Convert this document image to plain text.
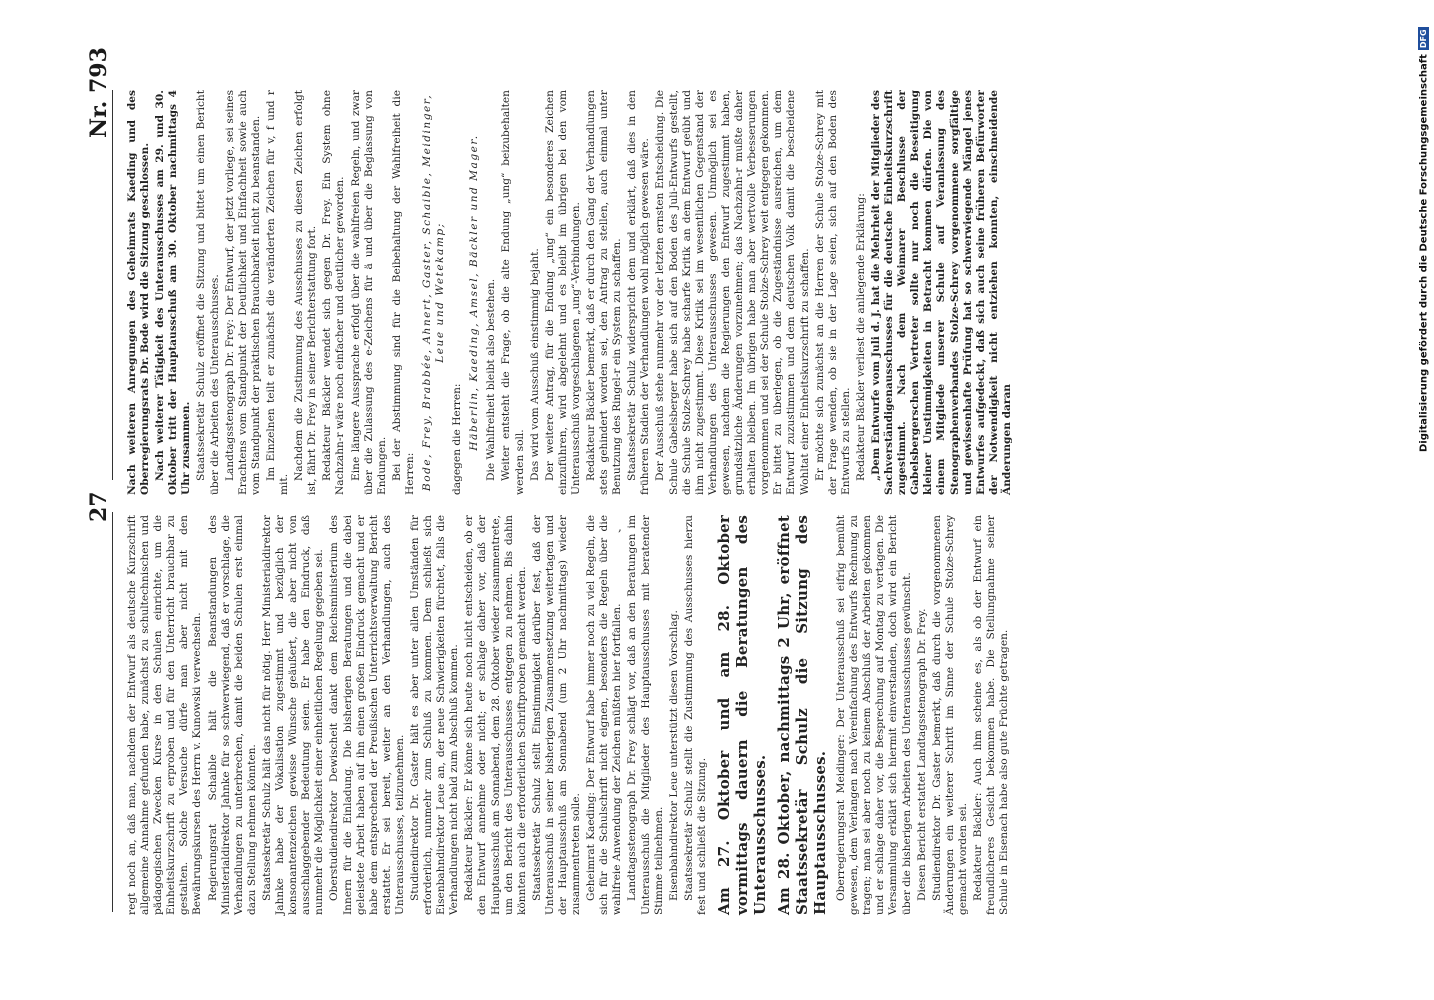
27
Nr. 793

regt noch an, daß man, nachdem der Entwurf als deutsche Kurzschrift allgemeine Annahme gefunden habe, zunächst zu schultechnischen und pädagogischen Zwecken Kurse in den Schulen einrichte, um die Einheitskurzschrift zu erproben und für den Unterricht brauchbar zu gestalten. Solche Versuche dürfe man aber nicht mit den Bewährungskursen des Herrn v. Kunowski verwechseln. Regierungsrat Schaible hält die Beanstandungen des Ministerialdirektor Jahnke für so schwerwiegend, daß er vorschlage, die Verhandlungen zu unterbrechen, damit die beiden Schulen erst einmal dazu Stellung nehmen könnten. Staatssekretär Schulz hält das nicht für nötig. Herr Ministerialdirektor Jahnke habe der Vokalisation zugestimmt und bezüglich der konsonantenzeichen gewisse Wünsche geäußert, die aber nicht von ausschlaggebender Bedeutung seien. Er habe den Eindruck, daß nunmehr die Möglichkeit einer einheitlichen Regelung gegeben sei. Oberstudiendirektor Dewischeit dankt dem Reichsministerium des Innern für die Einladung. Die bisherigen Beratungen und die dabei geleistete Arbeit haben auf ihn einen großen Eindruck gemacht und er habe dem entsprechend der Preußischen Unterrichtsverwaltung Bericht erstattet. Er sei bereit, weiter an den Verhandlungen, auch des Unterausschusses, teilzunehmen. Studiendirektor Dr. Gaster hält es aber unter allen Umständen für erforderlich, nunmehr zum Schluß zu kommen. Dem schließt sich Eisenbahndirektor Leue an, der neue Schwierigkeiten fürchtet, falls die Verhandlungen nicht bald zum Abschluß kommen. Redakteur Bäckler: Er könne sich heute noch nicht entscheiden, ob er den Entwurf annehme oder nicht; er schlage daher vor, daß der Hauptausschuß am Sonnabend, dem 28. Oktober wieder zusammentrete, um den Bericht des Unterausschusses entgegen zu nehmen. Bis dahin könnten auch die erforderlichen Schriftproben gemacht werden. Staatssekretär Schulz stellt Einstimmigkeit darüber fest, daß der Unterausschuß in seiner bisherigen Zusammensetzung weitertagen und der Hauptausschuß am Sonnabend (um 2 Uhr nachmittags) wieder zusammentreten solle. Geheimrat Kaeding: Der Entwurf habe immer noch zu viel Regeln, die sich für die Schulschrift nicht eignen, besonders die Regeln über die wahlfreie Anwendung der Zeichen müßten hier fortfallen. Landtagsstenograph Dr. Frey schlägt vor, daß an den Beratungen im Unterausschuß die Mitglieder des Hauptausschusses mit beratender Stimme teilnehmen. Eisenbahndirektor Leue unterstützt diesen Vorschlag. Staatssekretär Schulz stellt die Zustimmung des Ausschusses hierzu fest und schließt die Sitzung. Am 27. Oktober und am 28. Oktober vormittags dauern die Beratungen des Unterausschusses. Am 28. Oktober, nachmittags 2 Uhr, eröffnet Staatssekretär Schulz die Sitzung des Hauptausschusses. Oberregierungsrat Meidinger: Der Unterausschuß sei eifrig bemüht gewesen, dem Verlangen nach Vereinfachung des Entwurfs Rechnung zu tragen; man sei aber noch zu keinem Abschluß der Arbeiten gekommen und er schlage daher vor, die Besprechung auf Montag zu vertagen. Die Versammlung erklärt sich hiermit einverstanden, doch wird ein Bericht über die bisherigen Arbeiten des Unterausschusses gewünscht. Diesen Bericht erstattet Landtagsstenograph Dr. Frey. Studiendirektor Dr. Gaster bemerkt, daß durch die vorgenommenen Änderungen ein weiterer Schritt im Sinne der Schule Stolze-Schrey gemacht worden sei. Redakteur Bäckler: Auch ihm scheine es, als ob der Entwurf ein freundlicheres Gesicht bekommen habe. Die Stellungnahme seiner Schule in Eisenach habe also gute Früchte getragen.

,

Nach weiteren Anregungen des Geheimrats Kaeding und des Oberregierungsrats Dr. Bode wird die Sitzung geschlossen. Nach weiterer Tätigkeit des Unterausschusses am 29. und 30. Oktober tritt der Hauptausschuß am 30. Oktober nachmittags 4 Uhr zusammen. Staatssekretär Schulz eröffnet die Sitzung und bittet um einen Bericht über die Arbeiten des Unterausschusses. Landtagsstenograph Dr. Frey: Der Entwurf, der jetzt vorliege, sei seines Erachtens vom Standpunkt der Deutlichkeit und Einfachheit sowie auch vom Standpunkt der praktischen Brauchbarkeit nicht zu beanstanden. Im Einzelnen teilt er zunächst die veränderten Zeichen für v, f und r mit.

Nachdem die Zustimmung des Ausschusses zu diesen Zeichen erfolgt ist, fährt Dr. Frey in seiner Berichterstattung fort. Redakteur Bäckler wendet sich gegen Dr. Frey. Ein System ohne Nachzahn-r wäre noch einfacher und deutlicher geworden. Eine längere Aussprache erfolgt über die wahlfreien Regeln, und zwar über die Zulassung des e-Zeichens für ä und über die Beglassung von Endungen. Bei der Abstimmung sind für die Beibehaltung der Wahlfreiheit die Herren: Bode, Frey, Brabbée, Ahnert, Gaster, Schaible, Meidinger, Leue und Wetekamp;

dagegen die Herren: Häberlin, Kaeding, Amsel, Bäckler und Mager. Die Wahlfreiheit bleibt also bestehen. Weiter entsteht die Frage, ob die alte Endung „ung“ beizubehalten werden soll. Das wird vom Ausschuß einstimmig bejaht. Der weitere Antrag, für die Endung „ung“ ein besonderes Zeichen einzuführen, wird abgelehnt und es bleibt im übrigen bei den vom Unterausschuß vorgeschlagenen „ung“-Verbindungen. Redakteur Bäckler bemerkt, daß er durch den Gang der Verhandlungen stets gehindert worden sei, den Antrag zu stellen, auch einmal unter Benutzung des Ringel-r ein System zu schaffen. Staatssekretär Schulz widerspricht dem und erklärt, daß dies in den früheren Stadien der Verhandlungen wohl möglich gewesen wäre. Der Ausschuß stehe nunmehr vor der letzten ernsten Entscheidung. Die Schule Gabelsberger habe sich auf den Boden des Juli-Entwurfs gestellt, die Schule Stolze-Schrey habe scharfe Kritik an dem Entwurf geübt und ihm nicht zugestimmt. Diese Kritik sei im wesentlichen Gegenstand der Verhandlungen des Unterausschusses gewesen. Unmöglich sei es gewesen, nachdem die Regierungen den Entwurf zugestimmt haben, grundsätzliche Änderungen vorzunehmen; das Nachzahn-r mußte daher erhalten bleiben. Im übrigen habe man aber wertvolle Verbesserungen vorgenommen und sei der Schule Stolze-Schrey weit entgegen gekommen. Er bittet zu überlegen, ob die Zugeständnisse ausreichen, um dem Entwurf zuzustimmen und dem deutschen Volk damit die bescheidene Wohltat einer Einheitskurzschrift zu schaffen. Er möchte sich zunächst an die Herren der Schule Stolze-Schrey mit der Frage wenden, ob sie in der Lage seien, sich auf den Boden des Entwurfs zu stellen. Redakteur Bäckler verliest die anliegende Erklärung: „Dem Entwurfe vom Juli d. J. hat die Mehrheit der Mitglieder des Sachverständigenausschusses für die deutsche Einheitskurzschrift zugestimmt. Nach dem Weimarer Beschlusse der Gabelsbergerschen Vertreter sollte nur noch die Beseitigung kleiner Unstimmigkeiten in Betracht kommen dürfen. Die von einem Mitgliede unserer Schule auf Veranlassung des Stenographenverbandes Stolze-Schrey vorgenommene sorgfältige und gewissenhafte Prüfung hat so schwerwiegende Mängel jenes Entwurfes aufgedeckt, daß sich auch seine früheren Befürworter der Notwendigkeit nicht entziehen konnten, einschneidende Änderungen daran	Digitalisierung gefördert durch die Deutsche ForschungsgemeinschaftDFG
